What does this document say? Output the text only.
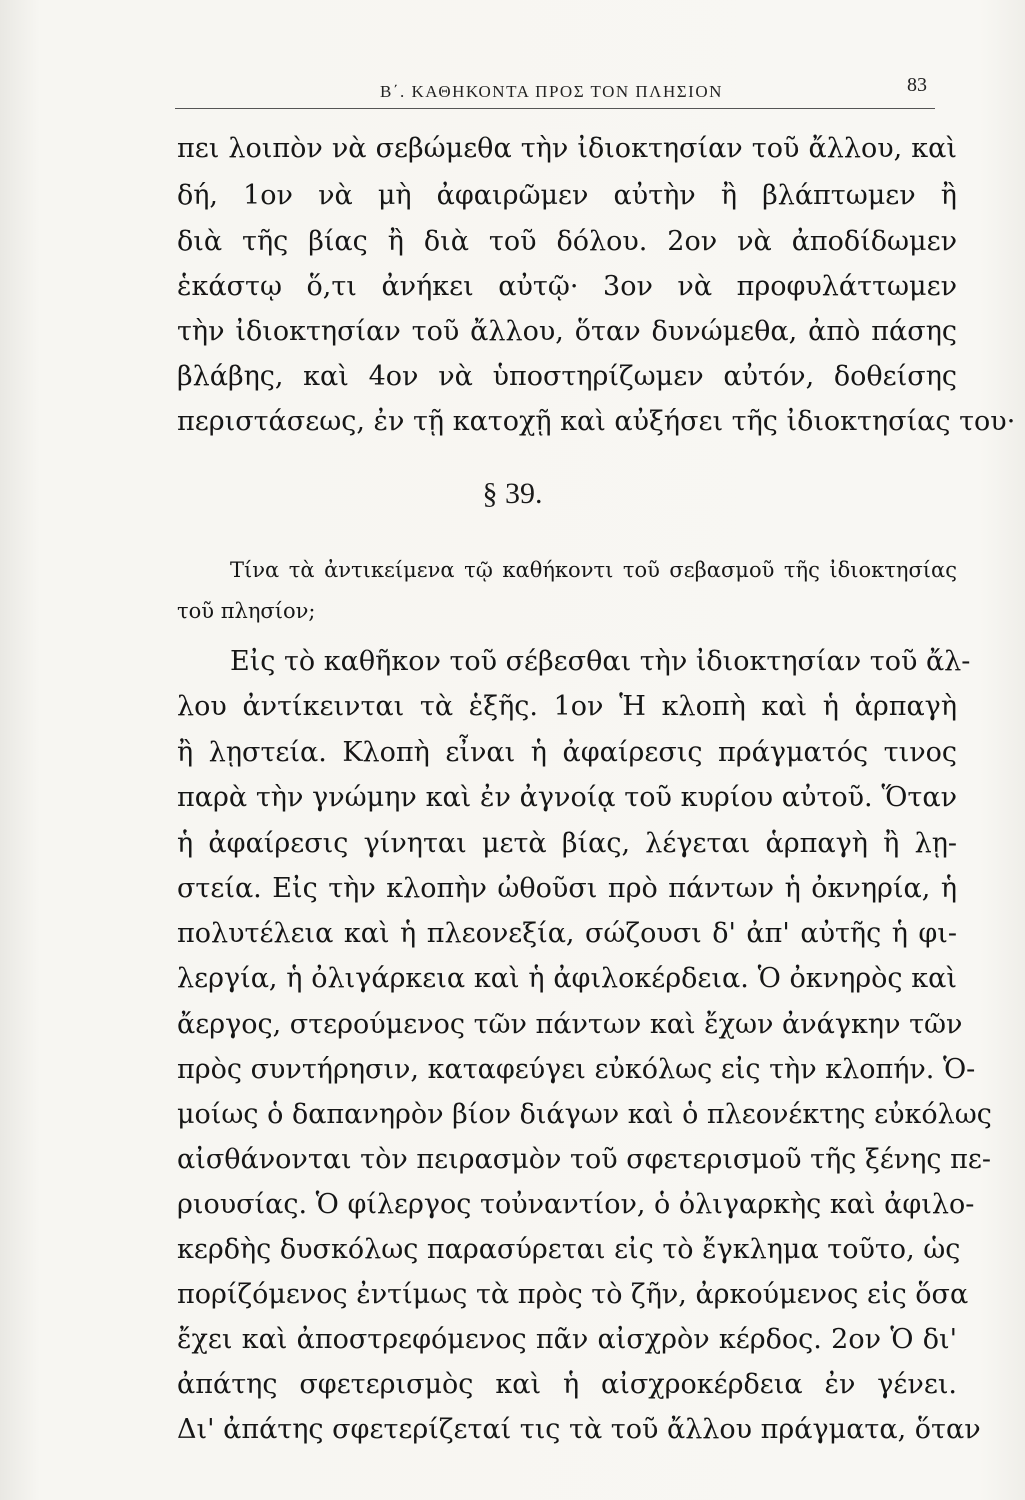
Β΄. ΚΑΘΗΚΟΝΤΑ ΠΡΟΣ ΤΟΝ ΠΛΗΣΙΟΝ	83
πει λοιπὸν νὰ σεβώμεθα τὴν ἰδιοκτησίαν τοῦ ἄλλου, καὶ
δή, 1ον νὰ μὴ ἀφαιρῶμεν αὐτὴν ἢ βλάπτωμεν ἢ
διὰ τῆς βίας ἢ διὰ τοῦ δόλου. 2ον νὰ ἀποδίδωμεν
ἑκάστῳ ὅ,τι ἀνήκει αὐτῷ· 3ον νὰ προφυλάττωμεν
τὴν ἰδιοκτησίαν τοῦ ἄλλου, ὅταν δυνώμεθα, ἀπὸ πάσης
βλάβης, καὶ 4ον νὰ ὑποστηρίζωμεν αὐτόν, δοθείσης
περιστάσεως, ἐν τῇ κατοχῇ καὶ αὐξήσει τῆς ἰδιοκτησίας του·
§ 39.
Τίνα τὰ ἀντικείμενα τῷ καθήκοντι τοῦ σεβασμοῦ τῆς ἰδιοκτησίας
τοῦ πλησίον;
Εἰς τὸ καθῆκον τοῦ σέβεσθαι τὴν ἰδιοκτησίαν τοῦ ἄλ-
λου ἀντίκεινται τὰ ἑξῆς. 1ον Ἡ κλοπὴ καὶ ἡ ἁρπαγὴ
ἢ λῃστεία. Κλοπὴ εἶναι ἡ ἀφαίρεσις πράγματός τινος
παρὰ τὴν γνώμην καὶ ἐν ἀγνοίᾳ τοῦ κυρίου αὐτοῦ. Ὅταν
ἡ ἀφαίρεσις γίνηται μετὰ βίας, λέγεται ἁρπαγὴ ἢ λῃ-
στεία. Εἰς τὴν κλοπὴν ὠθοῦσι πρὸ πάντων ἡ ὀκνηρία, ἡ
πολυτέλεια καὶ ἡ πλεονεξία, σώζουσι δ' ἀπ' αὐτῆς ἡ φι-
λεργία, ἡ ὀλιγάρκεια καὶ ἡ ἀφιλοκέρδεια. Ὁ ὀκνηρὸς καὶ
ἄεργος, στερούμενος τῶν πάντων καὶ ἔχων ἀνάγκην τῶν
πρὸς συντήρησιν, καταφεύγει εὐκόλως εἰς τὴν κλοπήν. Ὁ-
μοίως ὁ δαπανηρὸν βίον διάγων καὶ ὁ πλεονέκτης εὐκόλως
αἰσθάνονται τὸν πειρασμὸν τοῦ σφετερισμοῦ τῆς ξένης πε-
ριουσίας. Ὁ φίλεργος τοὐναντίον, ὁ ὀλιγαρκὴς καὶ ἀφιλο-
κερδὴς δυσκόλως παρασύρεται εἰς τὸ ἔγκλημα τοῦτο, ὡς
πορίζόμενος ἐντίμως τὰ πρὸς τὸ ζῆν, ἀρκούμενος εἰς ὅσα
ἔχει καὶ ἀποστρεφόμενος πᾶν αἰσχρὸν κέρδος. 2ον Ὁ δι'
ἀπάτης σφετερισμὸς καὶ ἡ αἰσχροκέρδεια ἐν γένει.
Δι' ἀπάτης σφετερίζεταί τις τὰ τοῦ ἄλλου πράγματα, ὅταν
